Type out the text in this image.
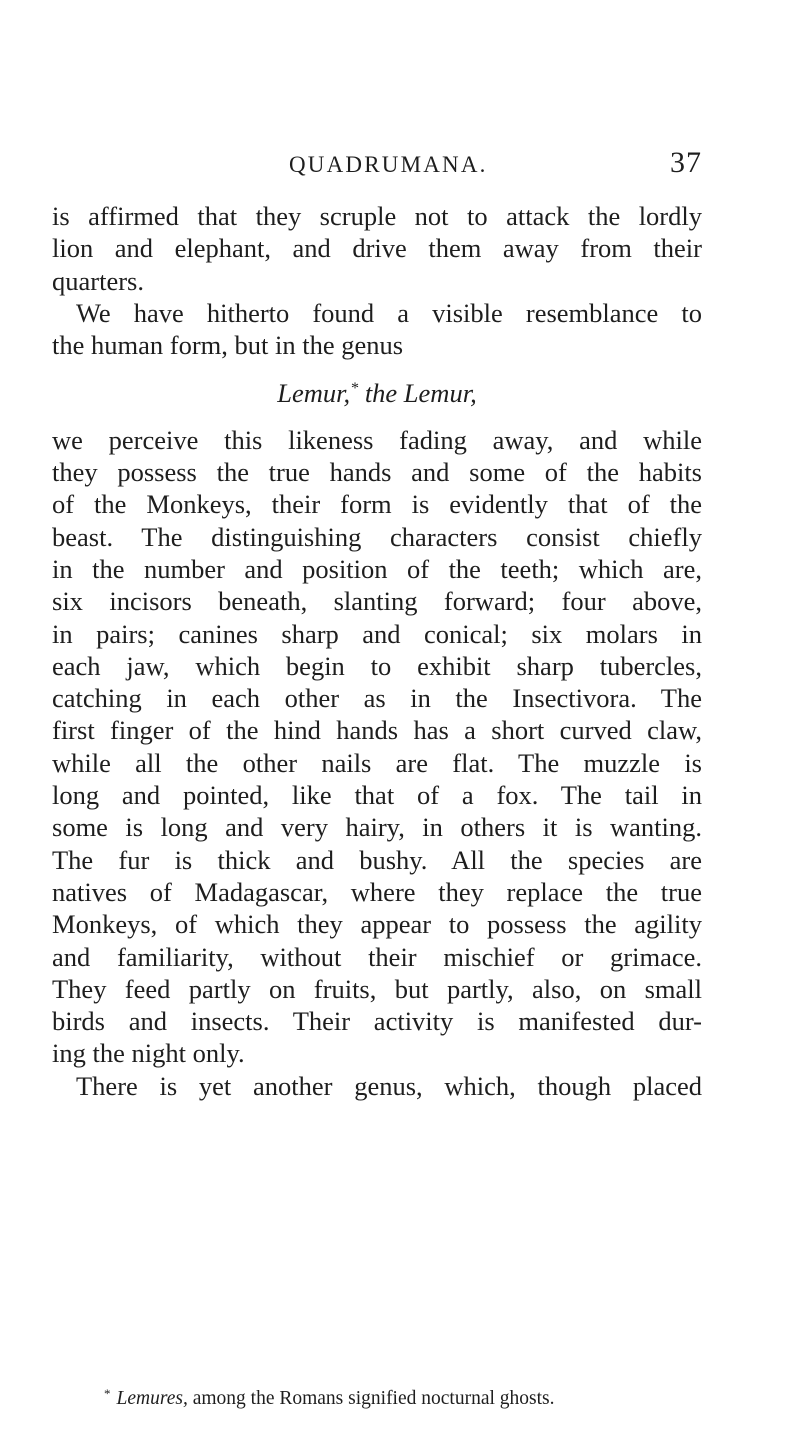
QUADRUMANA.	37
is affirmed that they scruple not to attack the lordly
lion and elephant, and drive them away from their
quarters.
We have hitherto found a visible resemblance to
the human form, but in the genus
Lemur,* the Lemur,
we perceive this likeness fading away, and while
they possess the true hands and some of the habits
of the Monkeys, their form is evidently that of the
beast. The distinguishing characters consist chiefly
in the number and position of the teeth; which are,
six incisors beneath, slanting forward; four above,
in pairs; canines sharp and conical; six molars in
each jaw, which begin to exhibit sharp tubercles,
catching in each other as in the Insectivora. The
first finger of the hind hands has a short curved claw,
while all the other nails are flat. The muzzle is
long and pointed, like that of a fox. The tail in
some is long and very hairy, in others it is wanting.
The fur is thick and bushy. All the species are
natives of Madagascar, where they replace the true
Monkeys, of which they appear to possess the agility
and familiarity, without their mischief or grimace.
They feed partly on fruits, but partly, also, on small
birds and insects. Their activity is manifested dur-
ing the night only.
There is yet another genus, which, though placed
* Lemures, among the Romans signified nocturnal ghosts.
